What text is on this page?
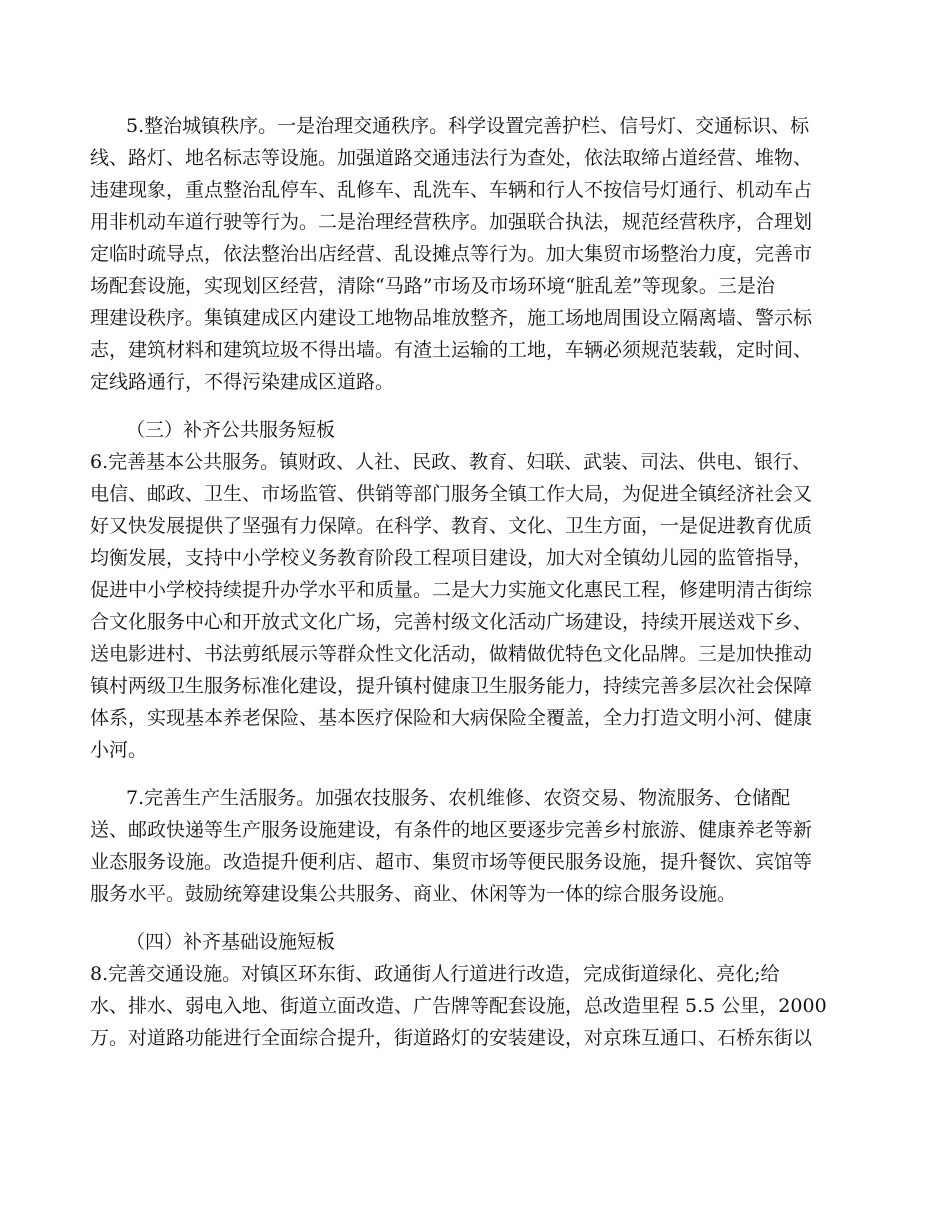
5.整治城镇秩序。一是治理交通秩序。科学设置完善护栏、信号灯、交通标识、标
线、路灯、地名标志等设施。加强道路交通违法行为查处，依法取缔占道经营、堆物、
违建现象，重点整治乱停车、乱修车、乱洗车、车辆和行人不按信号灯通行、机动车占
用非机动车道行驶等行为。二是治理经营秩序。加强联合执法，规范经营秩序，合理划
定临时疏导点，依法整治出店经营、乱设摊点等行为。加大集贸市场整治力度，完善市
场配套设施，实现划区经营，清除“马路”市场及市场环境“脏乱差”等现象。三是治
理建设秩序。集镇建成区内建设工地物品堆放整齐，施工场地周围设立隔离墙、警示标
志，建筑材料和建筑垃圾不得出墙。有渣土运输的工地，车辆必须规范装载，定时间、
定线路通行，不得污染建成区道路。
（三）补齐公共服务短板
6.完善基本公共服务。镇财政、人社、民政、教育、妇联、武装、司法、供电、银行、
电信、邮政、卫生、市场监管、供销等部门服务全镇工作大局，为促进全镇经济社会又
好又快发展提供了坚强有力保障。在科学、教育、文化、卫生方面，一是促进教育优质
均衡发展，支持中小学校义务教育阶段工程项目建设，加大对全镇幼儿园的监管指导，
促进中小学校持续提升办学水平和质量。二是大力实施文化惠民工程，修建明清古街综
合文化服务中心和开放式文化广场，完善村级文化活动广场建设，持续开展送戏下乡、
送电影进村、书法剪纸展示等群众性文化活动，做精做优特色文化品牌。三是加快推动
镇村两级卫生服务标准化建设，提升镇村健康卫生服务能力，持续完善多层次社会保障
体系，实现基本养老保险、基本医疗保险和大病保险全覆盖，全力打造文明小河、健康
小河。
7.完善生产生活服务。加强农技服务、农机维修、农资交易、物流服务、仓储配
送、邮政快递等生产服务设施建设，有条件的地区要逐步完善乡村旅游、健康养老等新
业态服务设施。改造提升便利店、超市、集贸市场等便民服务设施，提升餐饮、宾馆等
服务水平。鼓励统筹建设集公共服务、商业、休闲等为一体的综合服务设施。
（四）补齐基础设施短板
8.完善交通设施。对镇区环东街、政通街人行道进行改造，完成街道绿化、亮化;给
水、排水、弱电入地、街道立面改造、广告牌等配套设施，总改造里程 5.5 公里，2000
万。对道路功能进行全面综合提升，街道路灯的安装建设，对京珠互通口、石桥东街以
